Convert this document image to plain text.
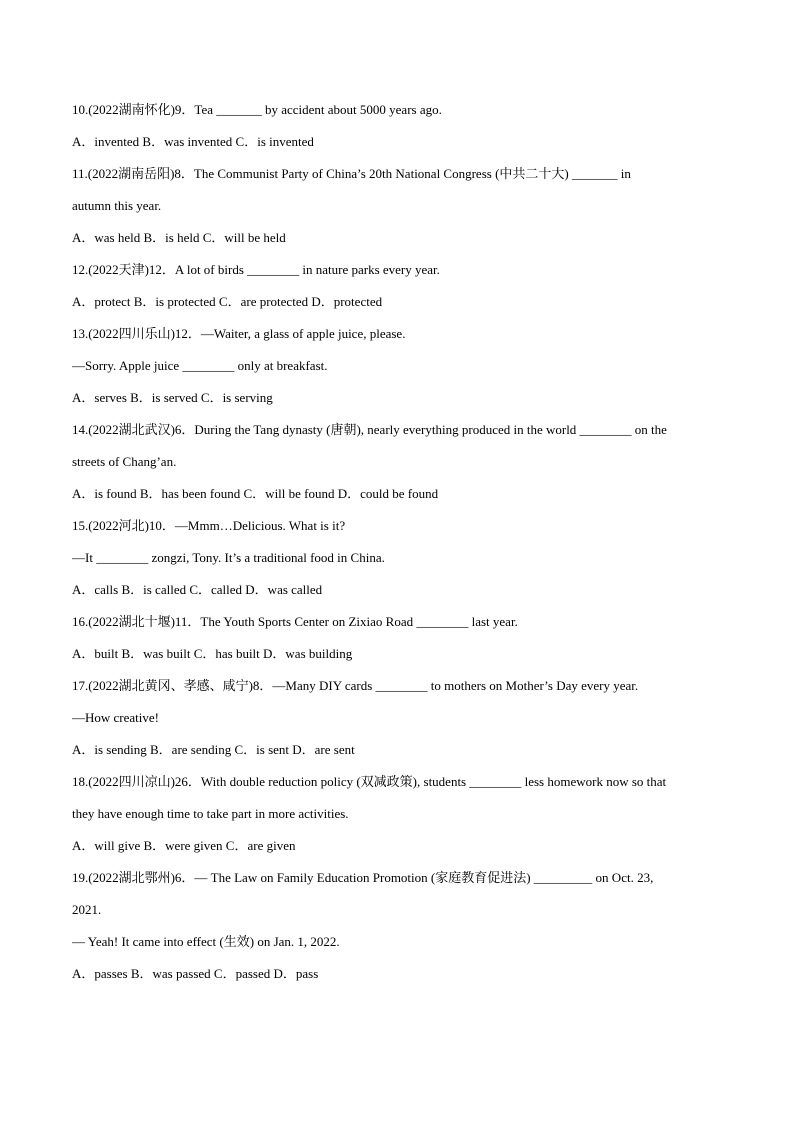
10.(2022湖南怀化)9．Tea _______ by accident about 5000 years ago.
A．invented B．was invented C．is invented
11.(2022湖南岳阳)8．The Communist Party of China’s 20th National Congress (中共二十大) _______ in
autumn this year.
A．was held B．is held C．will be held
12.(2022天津)12．A lot of birds ________ in nature parks every year.
A．protect B．is protected C．are protected D．protected
13.(2022四川乐山)12．—Waiter, a glass of apple juice, please.
—Sorry. Apple juice ________ only at breakfast.
A．serves B．is served C．is serving
14.(2022湖北武汉)6．During the Tang dynasty (唐朝), nearly everything produced in the world ________ on the
streets of Chang’an.
A．is found B．has been found C．will be found D．could be found
15.(2022河北)10．—Mmm…Delicious. What is it?
—It ________ zongzi, Tony. It’s a traditional food in China.
A．calls B．is called C．called D．was called
16.(2022湖北十堰)11．The Youth Sports Center on Zixiao Road ________ last year.
A．built B．was built C．has built D．was building
17.(2022湖北黄冈、孝感、咸宁)8．—Many DIY cards ________ to mothers on Mother’s Day every year.
—How creative!
A．is sending B．are sending C．is sent D．are sent
18.(2022四川凉山)26．With double reduction policy (双减政策), students ________ less homework now so that
they have enough time to take part in more activities.
A．will give B．were given C．are given
19.(2022湖北鄂州)6．— The Law on Family Education Promotion (家庭教育促进法) _________ on Oct. 23,
2021.
— Yeah! It came into effect (生效) on Jan. 1, 2022.
A．passes B．was passed C．passed D．pass
